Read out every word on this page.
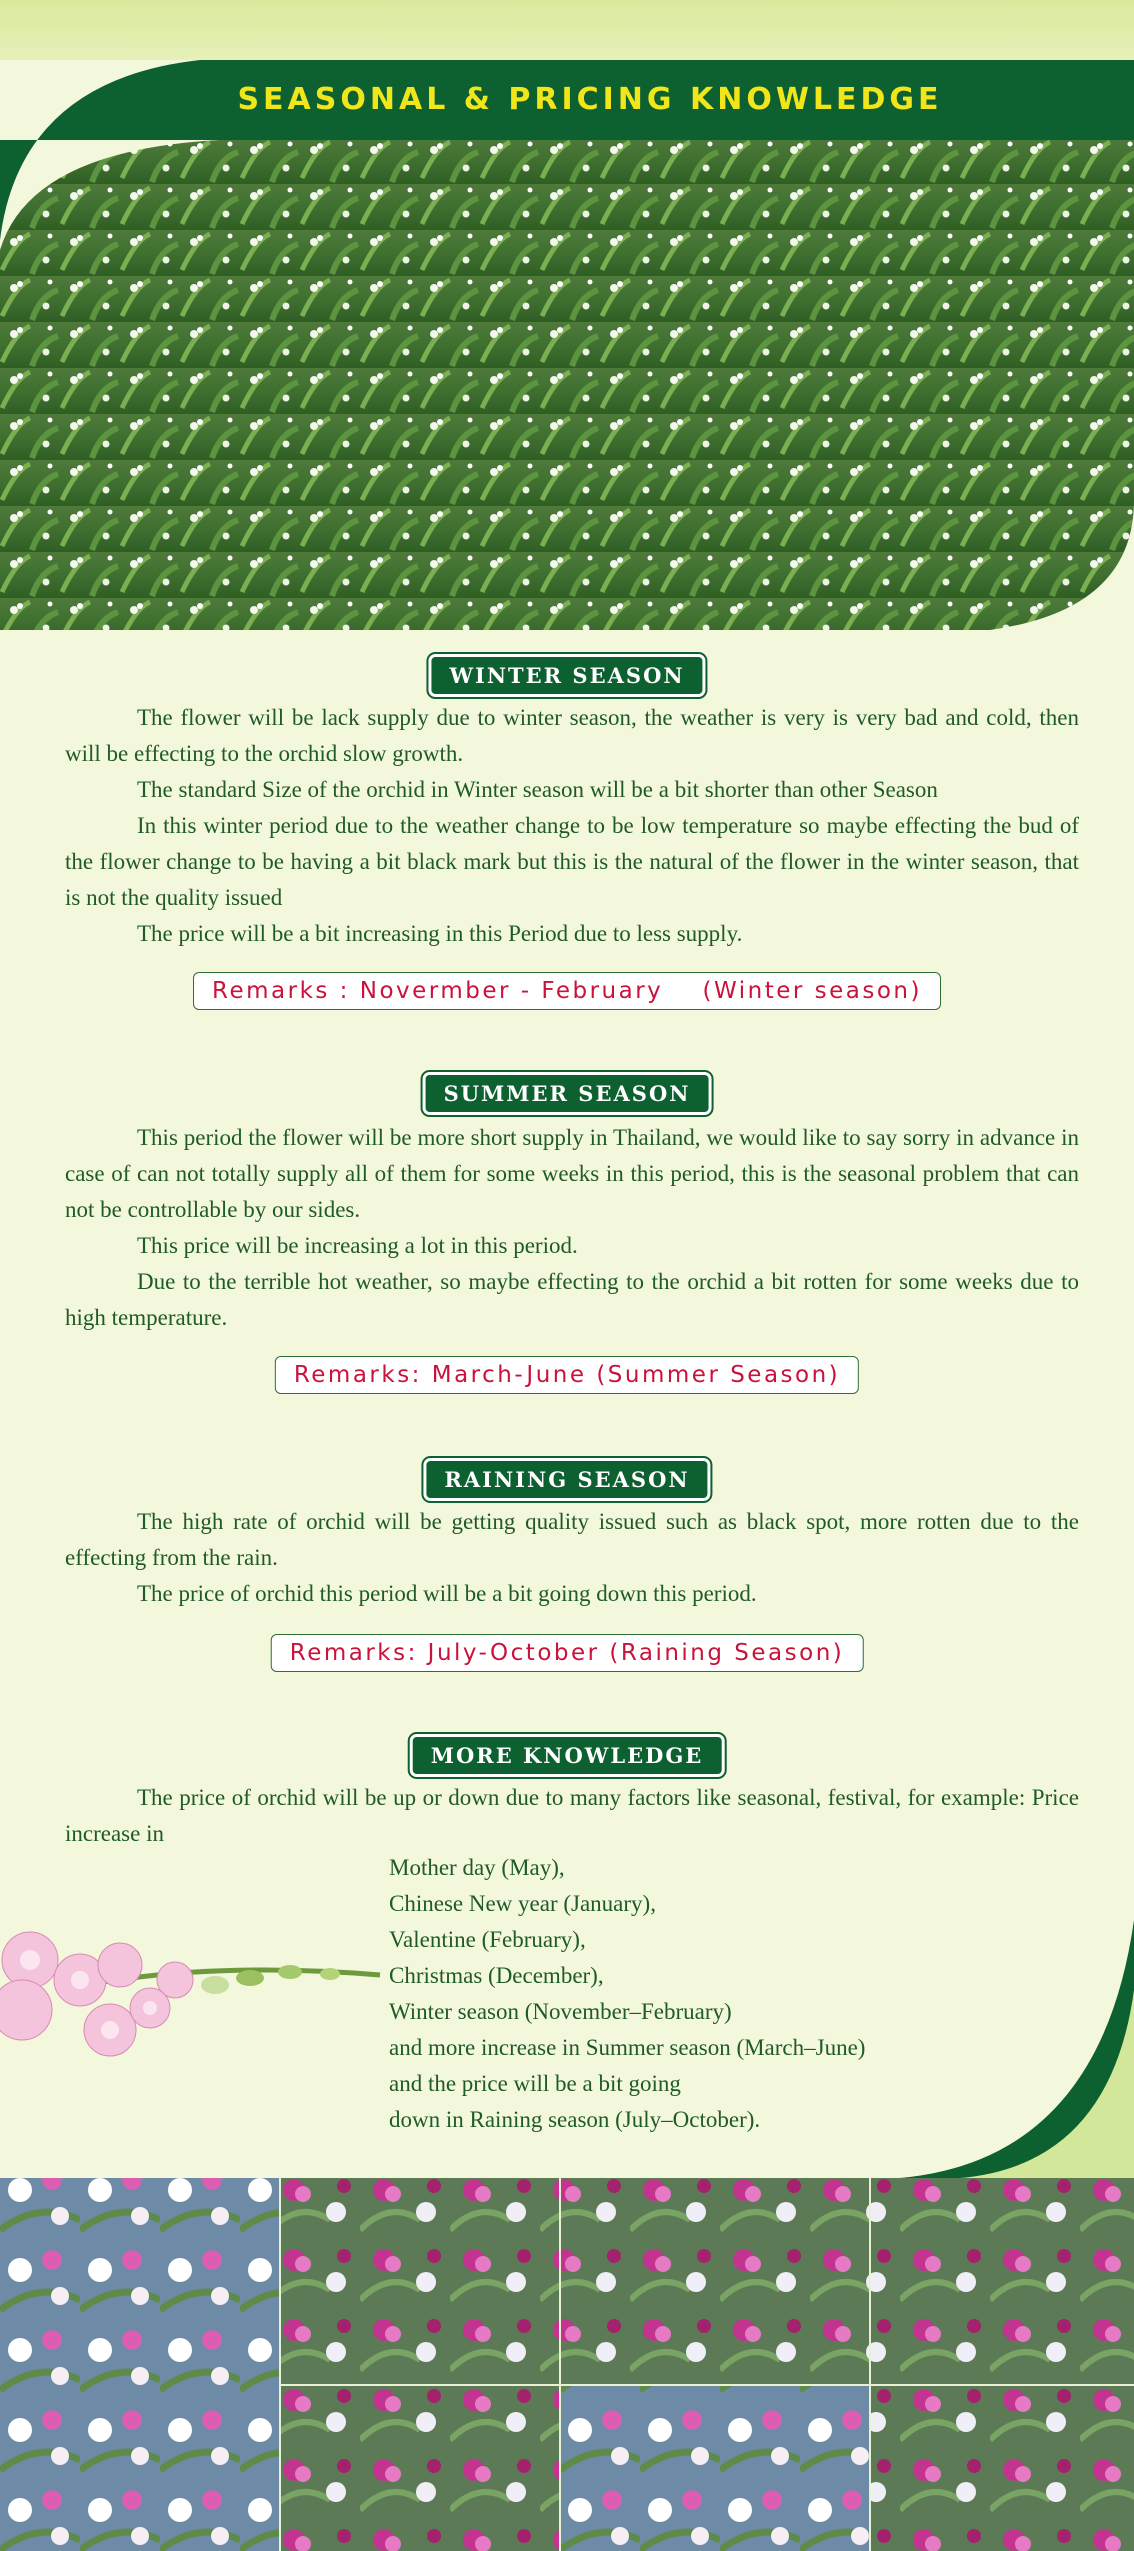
SEASONAL & PRICING KNOWLEDGE
WINTER SEASON

The flower will be lack supply due to winter season, the weather is very is very bad and cold, then will be effecting to the orchid slow growth.

The standard Size of the orchid in Winter season will be a bit shorter than other Season

In this winter period due to the weather change to be low temperature so maybe effecting the bud of the flower change to be having a bit black mark but this is the natural of the flower in the winter season, that is not the quality issued

The price will be a bit increasing in this Period due to less supply.

Remarks : Novermber - February    (Winter season)
SUMMER SEASON

This period the flower will be more short supply in Thailand, we would like to say sorry in advance in case of can not totally supply all of them for some weeks in this period, this is the seasonal problem that can not be controllable by our sides.

This price will be increasing a lot in this period.

Due to the terrible hot weather, so maybe effecting to the orchid a bit rotten for some weeks due to high temperature.

Remarks: March-June (Summer Season)
RAINING SEASON

The high rate of orchid will be getting quality issued such as black spot, more rotten due to the effecting from the rain.

The price of orchid this period will be a bit going down this period.

Remarks: July-October (Raining Season)
MORE KNOWLEDGE

The price of orchid will be up or down due to many factors like seasonal, festival, for example: Price increase in

Mother day (May),
Chinese New year (January),
Valentine (February),
Christmas (December),
Winter season (November–February)
and more increase in Summer season (March–June)
and the price will be a bit going
down in Raining season (July–October).
